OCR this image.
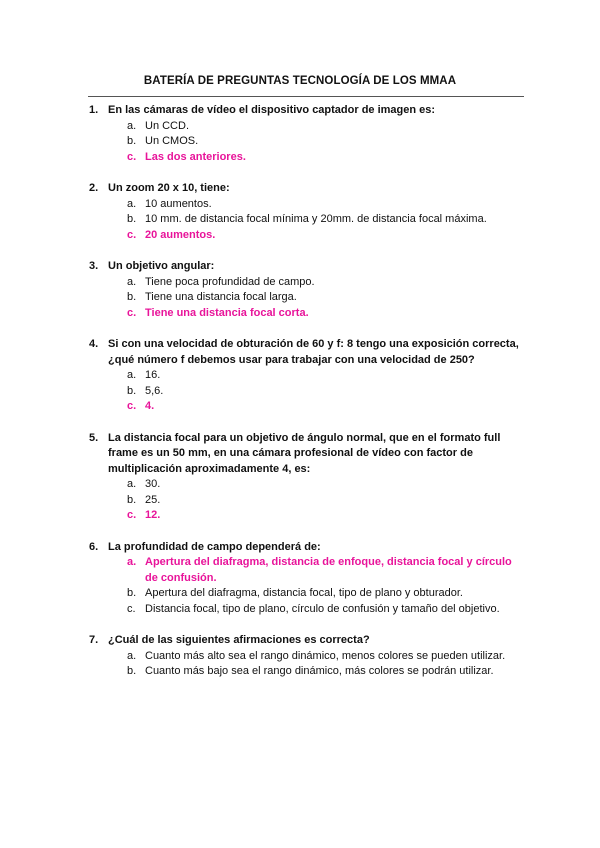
BATERÍA DE PREGUNTAS TECNOLOGÍA DE LOS MMAA
1. En las cámaras de vídeo el dispositivo captador de imagen es:
a. Un CCD.
b. Un CMOS.
c. Las dos anteriores.
2. Un zoom 20 x 10, tiene:
a. 10 aumentos.
b. 10 mm. de distancia focal mínima y 20mm. de distancia focal máxima.
c. 20 aumentos.
3. Un objetivo angular:
a. Tiene poca profundidad de campo.
b. Tiene una distancia focal larga.
c. Tiene una distancia focal corta.
4. Si con una velocidad de obturación de 60 y f: 8 tengo una exposición correcta, ¿qué número f debemos usar para trabajar con una velocidad de 250?
a. 16.
b. 5,6.
c. 4.
5. La distancia focal para un objetivo de ángulo normal, que en el formato full frame es un 50 mm, en una cámara profesional de vídeo con factor de multiplicación aproximadamente 4, es:
a. 30.
b. 25.
c. 12.
6. La profundidad de campo dependerá de:
a. Apertura del diafragma, distancia de enfoque, distancia focal y círculo de confusión.
b. Apertura del diafragma, distancia focal, tipo de plano y obturador.
c. Distancia focal, tipo de plano, círculo de confusión y tamaño del objetivo.
7. ¿Cuál de las siguientes afirmaciones es correcta?
a. Cuanto más alto sea el rango dinámico, menos colores se pueden utilizar.
b. Cuanto más bajo sea el rango dinámico, más colores se podrán utilizar.
